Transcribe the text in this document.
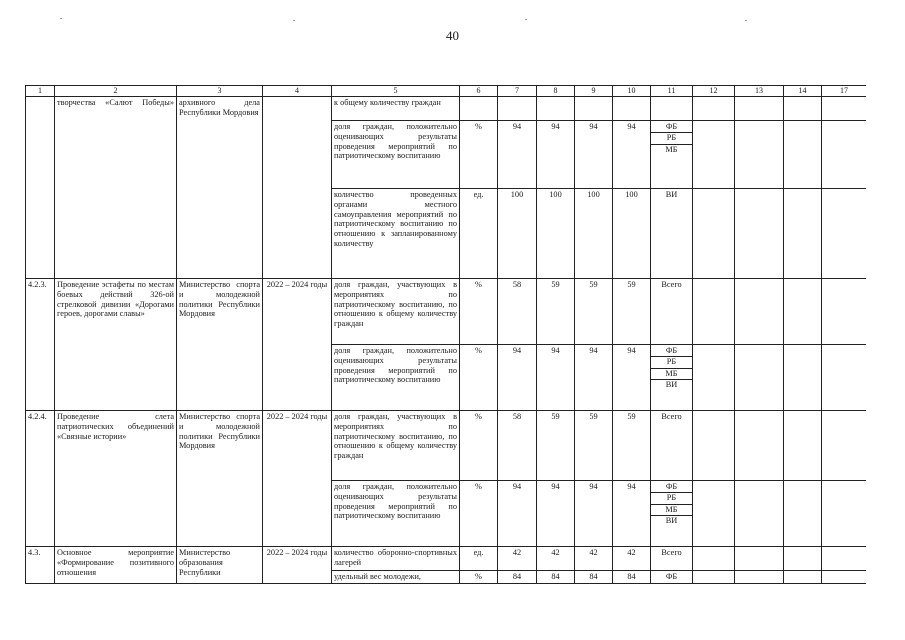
40
1	2	3	4	5	6	7	8	9	10	11	12	13	14	17

	творчества «Салют Победы»	архивного дела Республики Мордовия		к общему количеству граждан										
				доля граждан, положительно оценивающих результаты проведения мероприятий по патриотическому воспитанию	%	94	94	94	94	ФБ
РБ
МБ				

				количество проведенных органами местного самоуправления мероприятий по патриотическому воспитанию по отношению к запланированному количеству	ед.	100	100	100	100	ВИ				
4.2.3.	Проведение эстафеты по местам боевых действий 326-ой стрелковой дивизии «Дорогами героев, дорогами славы»	Министерство спорта и молодежной политики Республики Мордовия	2022 – 2024 годы	доля граждан, участвующих в мероприятиях по патриотическому воспитанию, по отношению к общему количеству граждан	%	58	59	59	59	Всего				
				доля граждан, положительно оценивающих результаты проведения мероприятий по патриотическому воспитанию	%	94	94	94	94	ФБ
РБ
МБ
ВИ				

4.2.4.	Проведение слета патриотических объединений «Связные истории»	Министерство спорта и молодежной политики Республики Мордовия	2022 – 2024 годы	доля граждан, участвующих в мероприятиях по патриотическому воспитанию, по отношению к общему количеству граждан	%	58	59	59	59	Всего				
				доля граждан, положительно оценивающих результаты проведения мероприятий по патриотическому воспитанию	%	94	94	94	94	ФБ
РБ
МБ
ВИ				

4.3.	Основное мероприятие «Формирование позитивного отношения	Министерство образования Республики	2022 – 2024 годы	количество оборонно-спортивных лагерей	ед.	42	42	42	42	Всего				
				удельный вес молодежи,	%	84	84	84	84	ФБ				
